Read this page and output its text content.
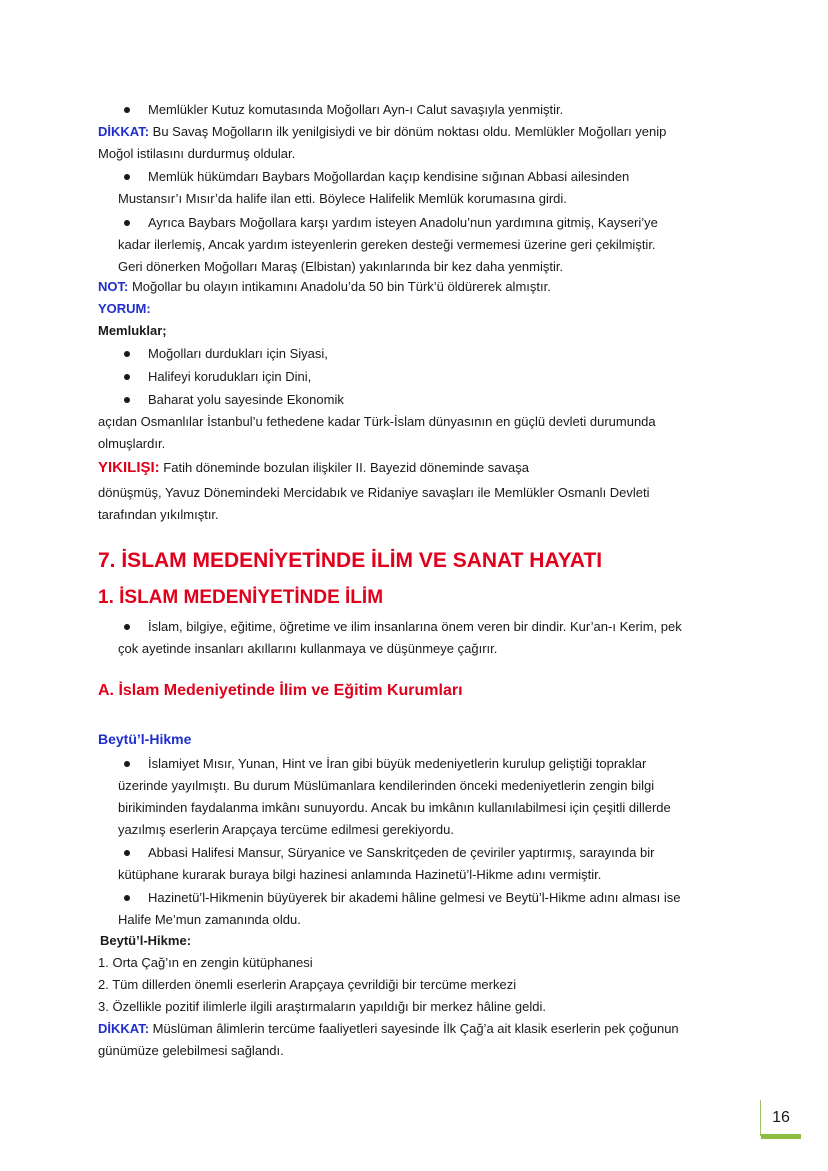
Memlükler Kutuz komutasında Moğolları Ayn-ı Calut savaşıyla yenmiştir.
DİKKAT: Bu Savaş Moğolların ilk yenilgisiydi ve bir dönüm noktası oldu. Memlükler Moğolları yenip
Moğol istilasını durdurmuş oldular.
Memlük hükümdarı Baybars Moğollardan kaçıp kendisine sığınan Abbasi ailesinden
Mustansır’ı Mısır’da halife ilan etti. Böylece Halifelik Memlük korumasına girdi.
Ayrıca Baybars Moğollara karşı yardım isteyen Anadolu’nun yardımına gitmiş, Kayseri’ye
kadar ilerlemiş, Ancak yardım isteyenlerin gereken desteği vermemesi üzerine geri çekilmiştir.
Geri dönerken Moğolları Maraş (Elbistan) yakınlarında bir kez daha yenmiştir.
NOT: Moğollar bu olayın intikamını Anadolu’da 50 bin Türk’ü öldürerek almıştır.
YORUM:
Memluklar;
Moğolları durdukları için Siyasi,
Halifeyi korudukları için Dini,
Baharat yolu sayesinde Ekonomik
açıdan Osmanlılar İstanbul’u fethedene kadar Türk-İslam dünyasının en güçlü devleti durumunda
olmuşlardır.
YIKILIŞI: Fatih döneminde bozulan ilişkiler II. Bayezid döneminde savaşa
dönüşmüş, Yavuz Dönemindeki Mercidabık ve Ridaniye savaşları ile Memlükler Osmanlı Devleti
tarafından yıkılmıştır.
7. İSLAM MEDENİYETİNDE İLİM VE SANAT HAYATI
1. İSLAM MEDENİYETİNDE İLİM
İslam, bilgiye, eğitime, öğretime ve ilim insanlarına önem veren bir dindir. Kur’an-ı Kerim, pek
çok ayetinde insanları akıllarını kullanmaya ve düşünmeye çağırır.
A. İslam Medeniyetinde İlim ve Eğitim Kurumları
Beytü’l-Hikme
İslamiyet Mısır, Yunan, Hint ve İran gibi büyük medeniyetlerin kurulup geliştiği topraklar
üzerinde yayılmıştı. Bu durum Müslümanlara kendilerinden önceki medeniyetlerin zengin bilgi
birikiminden faydalanma imkânı sunuyordu. Ancak bu imkânın kullanılabilmesi için çeşitli dillerde
yazılmış eserlerin Arapçaya tercüme edilmesi gerekiyordu.
Abbasi Halifesi Mansur, Süryanice ve Sanskritçeden de çeviriler yaptırmış, sarayında bir
kütüphane kurarak buraya bilgi hazinesi anlamında Hazinetü’l-Hikme adını vermiştir.
Hazinetü’l-Hikmenin büyüyerek bir akademi hâline gelmesi ve Beytü’l-Hikme adını alması ise
Halife Me’mun zamanında oldu.
Beytü’l-Hikme:
1. Orta Çağ’ın en zengin kütüphanesi
2. Tüm dillerden önemli eserlerin Arapçaya çevrildiği bir tercüme merkezi
3. Özellikle pozitif ilimlerle ilgili araştırmaların yapıldığı bir merkez hâline geldi.
DİKKAT: Müslüman âlimlerin tercüme faaliyetleri sayesinde İlk Çağ’a ait klasik eserlerin pek çoğunun
günümüze gelebilmesi sağlandı.
16
